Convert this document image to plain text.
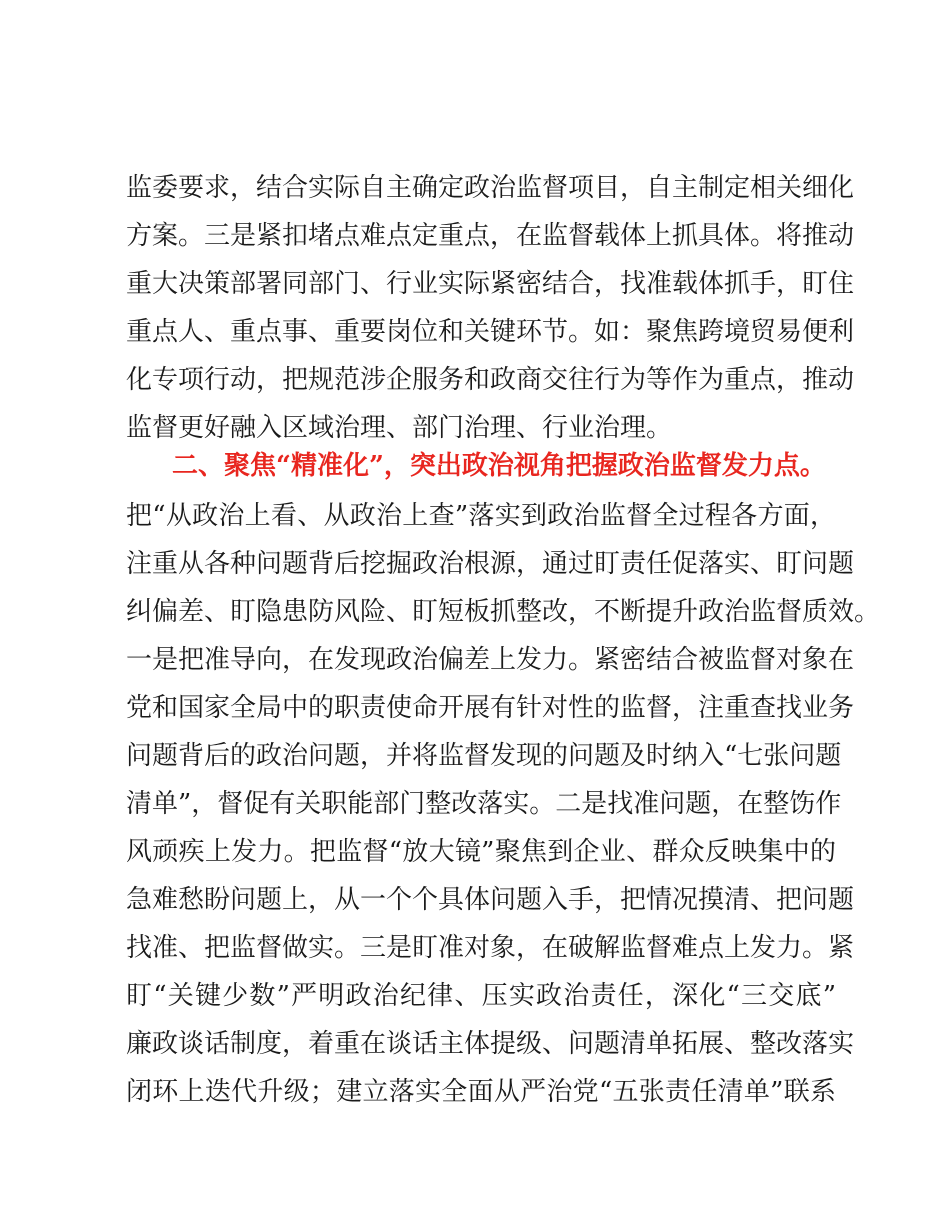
监委要求，结合实际自主确定政治监督项目，自主制定相关细化
方案。三是紧扣堵点难点定重点，在监督载体上抓具体。将推动
重大决策部署同部门、行业实际紧密结合，找准载体抓手，盯住
重点人、重点事、重要岗位和关键环节。如：聚焦跨境贸易便利
化专项行动，把规范涉企服务和政商交往行为等作为重点，推动
监督更好融入区域治理、部门治理、行业治理。
二、聚焦“精准化”，突出政治视角把握政治监督发力点。
把“从政治上看、从政治上查”落实到政治监督全过程各方面，
注重从各种问题背后挖掘政治根源，通过盯责任促落实、盯问题
纠偏差、盯隐患防风险、盯短板抓整改，不断提升政治监督质效。
一是把准导向，在发现政治偏差上发力。紧密结合被监督对象在
党和国家全局中的职责使命开展有针对性的监督，注重查找业务
问题背后的政治问题，并将监督发现的问题及时纳入“七张问题
清单”，督促有关职能部门整改落实。二是找准问题，在整饬作
风顽疾上发力。把监督“放大镜”聚焦到企业、群众反映集中的
急难愁盼问题上，从一个个具体问题入手，把情况摸清、把问题
找准、把监督做实。三是盯准对象，在破解监督难点上发力。紧
盯“关键少数”严明政治纪律、压实政治责任，深化“三交底”
廉政谈话制度，着重在谈话主体提级、问题清单拓展、整改落实
闭环上迭代升级；建立落实全面从严治党“五张责任清单”联系
